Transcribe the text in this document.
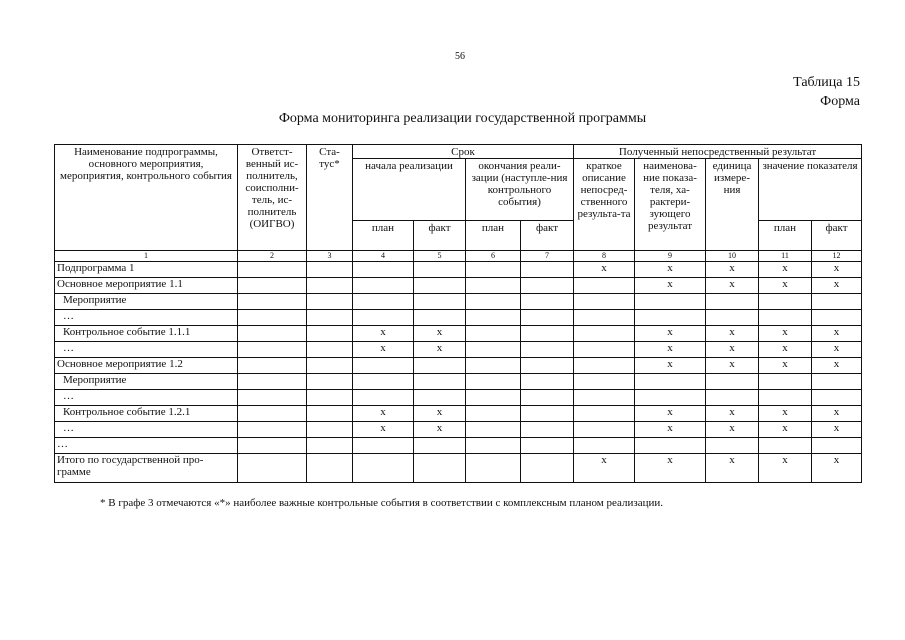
56
Таблица 15
Форма
Форма мониторинга реализации государственной программы
Наименование подпрограммы, основного мероприятия, мероприятия, контрольного события	Ответст-венный ис-полнитель, соисполни-тель, ис-полнитель (ОИГВО)	Ста-тус*	Срок				Полученный непосредственный результат				
			начала реализации		окончания реали-зации (наступле-ния контрольного события)		краткое описание непосред-ственного результа-та	наименова-ние показа-теля, ха-рактери-зующего результат	единица измере-ния	значение показателя	
			план	факт	план	факт				план	факт
1	2	3	4	5	6	7	8	9	10	11	12
Подпрограмма 1							х	х	х	х	х
Основное мероприятие 1.1								х	х	х	х
Мероприятие											
…											
Контрольное событие 1.1.1			х	х				х	х	х	х
…			х	х				х	х	х	х
Основное мероприятие 1.2								х	х	х	х
Мероприятие											
…											
Контрольное событие 1.2.1			х	х				х	х	х	х
…			х	х				х	х	х	х
…											
Итого по государственной про-грамме							х	х	х	х	х
* В графе 3 отмечаются «*» наиболее важные контрольные события в соответствии с комплексным планом реализации.
